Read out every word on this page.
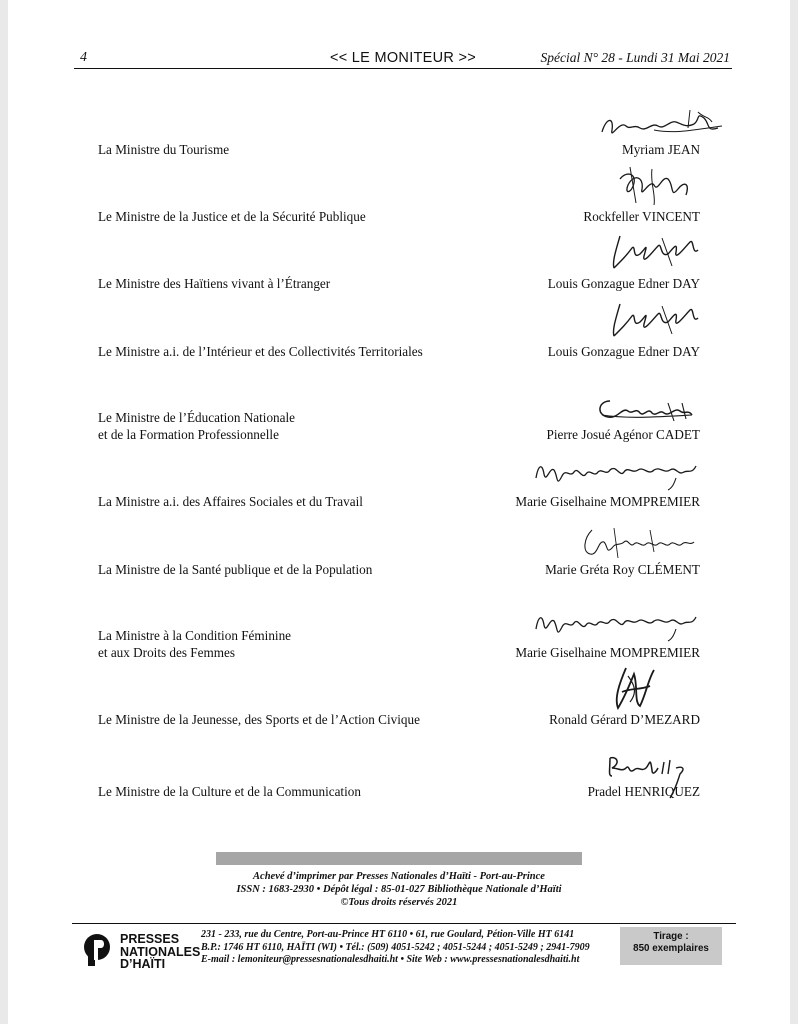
4	<< LE MONITEUR >>	Spécial N° 28 - Lundi 31 Mai 2021
La Ministre du Tourisme	Myriam JEAN
Le Ministre de la Justice et de la Sécurité Publique	Rockfeller VINCENT
Le Ministre des Haïtiens vivant à l’Étranger	Louis Gonzague Edner DAY
Le Ministre a.i. de l’Intérieur et des Collectivités Territoriales	Louis Gonzague Edner DAY
Le Ministre de l’Éducation Nationale
et de la Formation Professionnelle	Pierre Josué Agénor CADET
La Ministre a.i. des Affaires Sociales et du Travail	Marie Giselhaine MOMPREMIER
La Ministre de la Santé publique et de la Population	Marie Gréta Roy CLÉMENT
La Ministre à la Condition Féminine
et aux Droits des Femmes	Marie Giselhaine MOMPREMIER
Le Ministre de la Jeunesse, des Sports et de l’Action Civique	Ronald Gérard D’MEZARD
Le Ministre de la Culture et de la Communication	Pradel HENRIQUEZ
Achevé d’imprimer par Presses Nationales d’Haïti - Port-au-Prince
ISSN : 1683-2930 • Dépôt légal : 85-01-027 Bibliothèque Nationale d’Haïti
©Tous droits réservés 2021
PRESSES
NATIONALES
D’HAÏTI
231 - 233, rue du Centre, Port-au-Prince HT 6110 • 61, rue Goulard, Pétion-Ville HT 6141
B.P.: 1746 HT 6110, HAÏTI (WI) • Tél.: (509) 4051-5242 ; 4051-5244 ; 4051-5249 ; 2941-7909
E-mail : lemoniteur@pressesnationalesdhaiti.ht • Site Web : www.pressesnationalesdhaiti.ht
Tirage :
850 exemplaires
